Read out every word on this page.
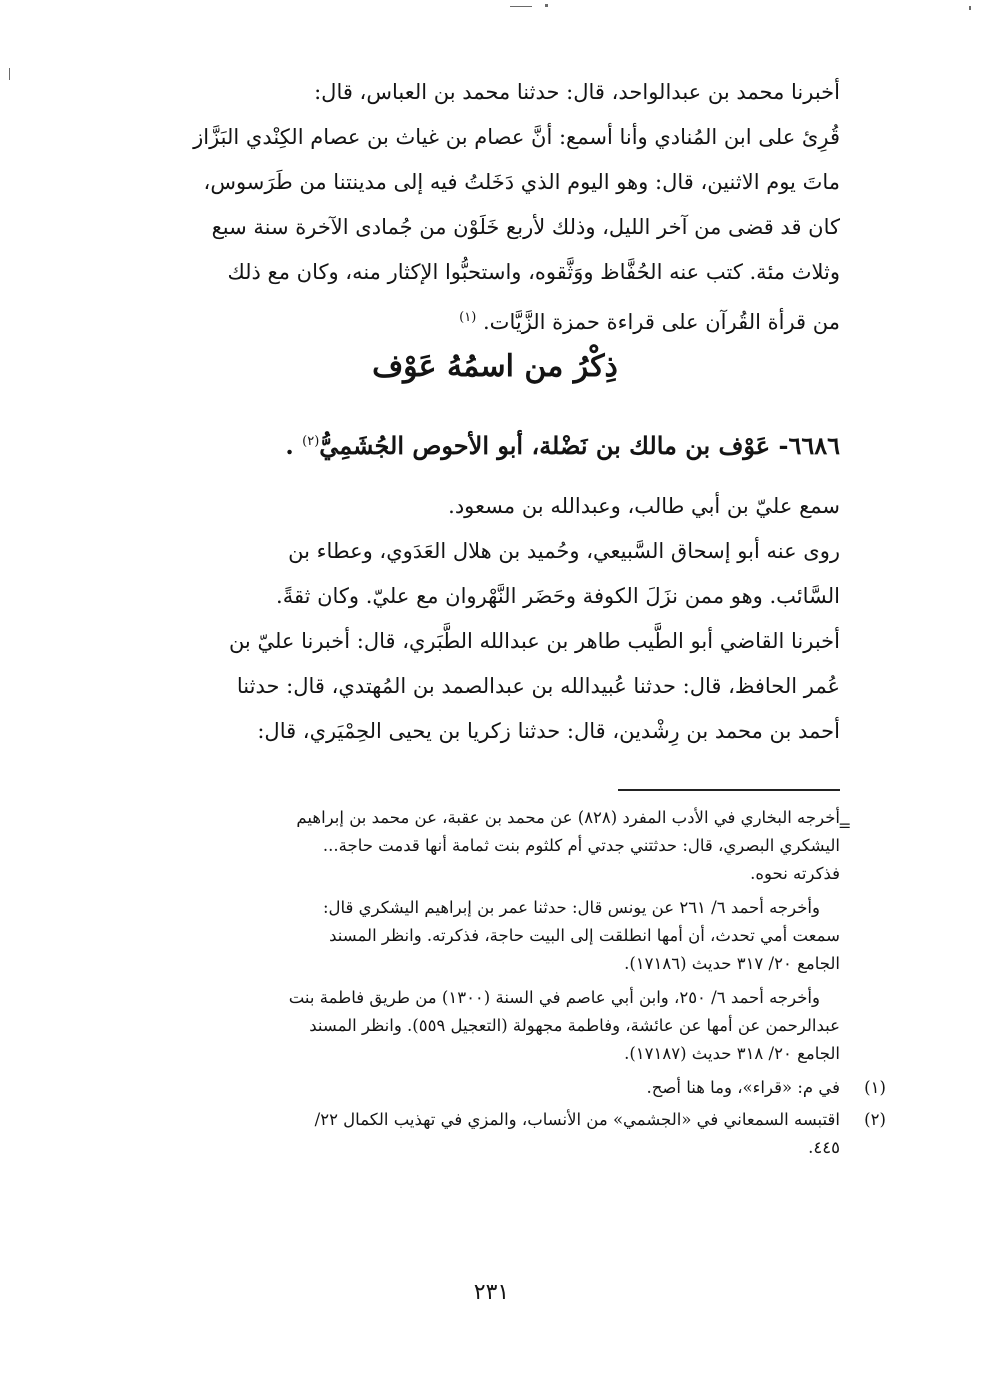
أخبرنا محمد بن عبدالواحد، قال: حدثنا محمد بن العباس، قال:
قُرِئ على ابن المُنادي وأنا أسمع: أنَّ عصام بن غياث بن عصام الكِنْدي البَزَّاز
ماتَ يوم الاثنين، قال: وهو اليوم الذي دَخَلتُ فيه إلى مدينتنا من طَرَسوس،
كان قد قضى من آخر الليل، وذلك لأربع خَلَوْن من جُمادى الآخرة سنة سبع
وثلاث مئة. كتب عنه الحُفَّاظ ووَثَّقوه، واستحبُّوا الإكثار منه، وكان مع ذلك
من قرأة القُرآن على قراءة حمزة الزَّيَّات. $^{(١)}$
ذِكْرُ من اسمُهُ عَوْف
٦٦٨٦- عَوْف بن مالك بن نَضْلة، أبو الأحوص الجُشَمِيُّ$^{(٢)}$ .
سمع عليّ بن أبي طالب، وعبدالله بن مسعود.
روى عنه أبو إسحاق السَّبيعي، وحُميد بن هلال العَدَوي، وعطاء بن
السَّائب. وهو ممن نزَلَ الكوفة وحَضَر النَّهْروان مع عليّ. وكان ثقةً.
أخبرنا القاضي أبو الطَّيب طاهر بن عبدالله الطَّبَري، قال: أخبرنا عليّ بن
عُمر الحافظ، قال: حدثنا عُبيدالله بن عبدالصمد بن المُهتدي، قال: حدثنا
أحمد بن محمد بن رِشْدين، قال: حدثنا زكريا بن يحيى الحِمْيَري، قال:
=
أخرجه البخاري في الأدب المفرد (٨٢٨) عن محمد بن عقبة، عن محمد بن إبراهيم
اليشكري البصري، قال: حدثتني جدتي أم كلثوم بنت ثمامة أنها قدمت حاجة...
فذكرته نحوه.
وأخرجه أحمد ٦/ ٢٦١ عن يونس قال: حدثنا عمر بن إبراهيم اليشكري قال:
سمعت أمي تحدث، أن أمها انطلقت إلى البيت حاجة، فذكرته. وانظر المسند
الجامع ٢٠/ ٣١٧ حديث (١٧١٨٦).
وأخرجه أحمد ٦/ ٢٥٠، وابن أبي عاصم في السنة (١٣٠٠) من طريق فاطمة بنت
عبدالرحمن عن أمها عن عائشة، وفاطمة مجهولة (التعجيل ٥٥٩). وانظر المسند
الجامع ٢٠/ ٣١٨ حديث (١٧١٨٧).
(١)
في م: «قراء»، وما هنا أصح.
(٢)
اقتبسه السمعاني في «الجشمي» من الأنساب، والمزي في تهذيب الكمال ٢٢/
٤٤٥.
٢٣١
